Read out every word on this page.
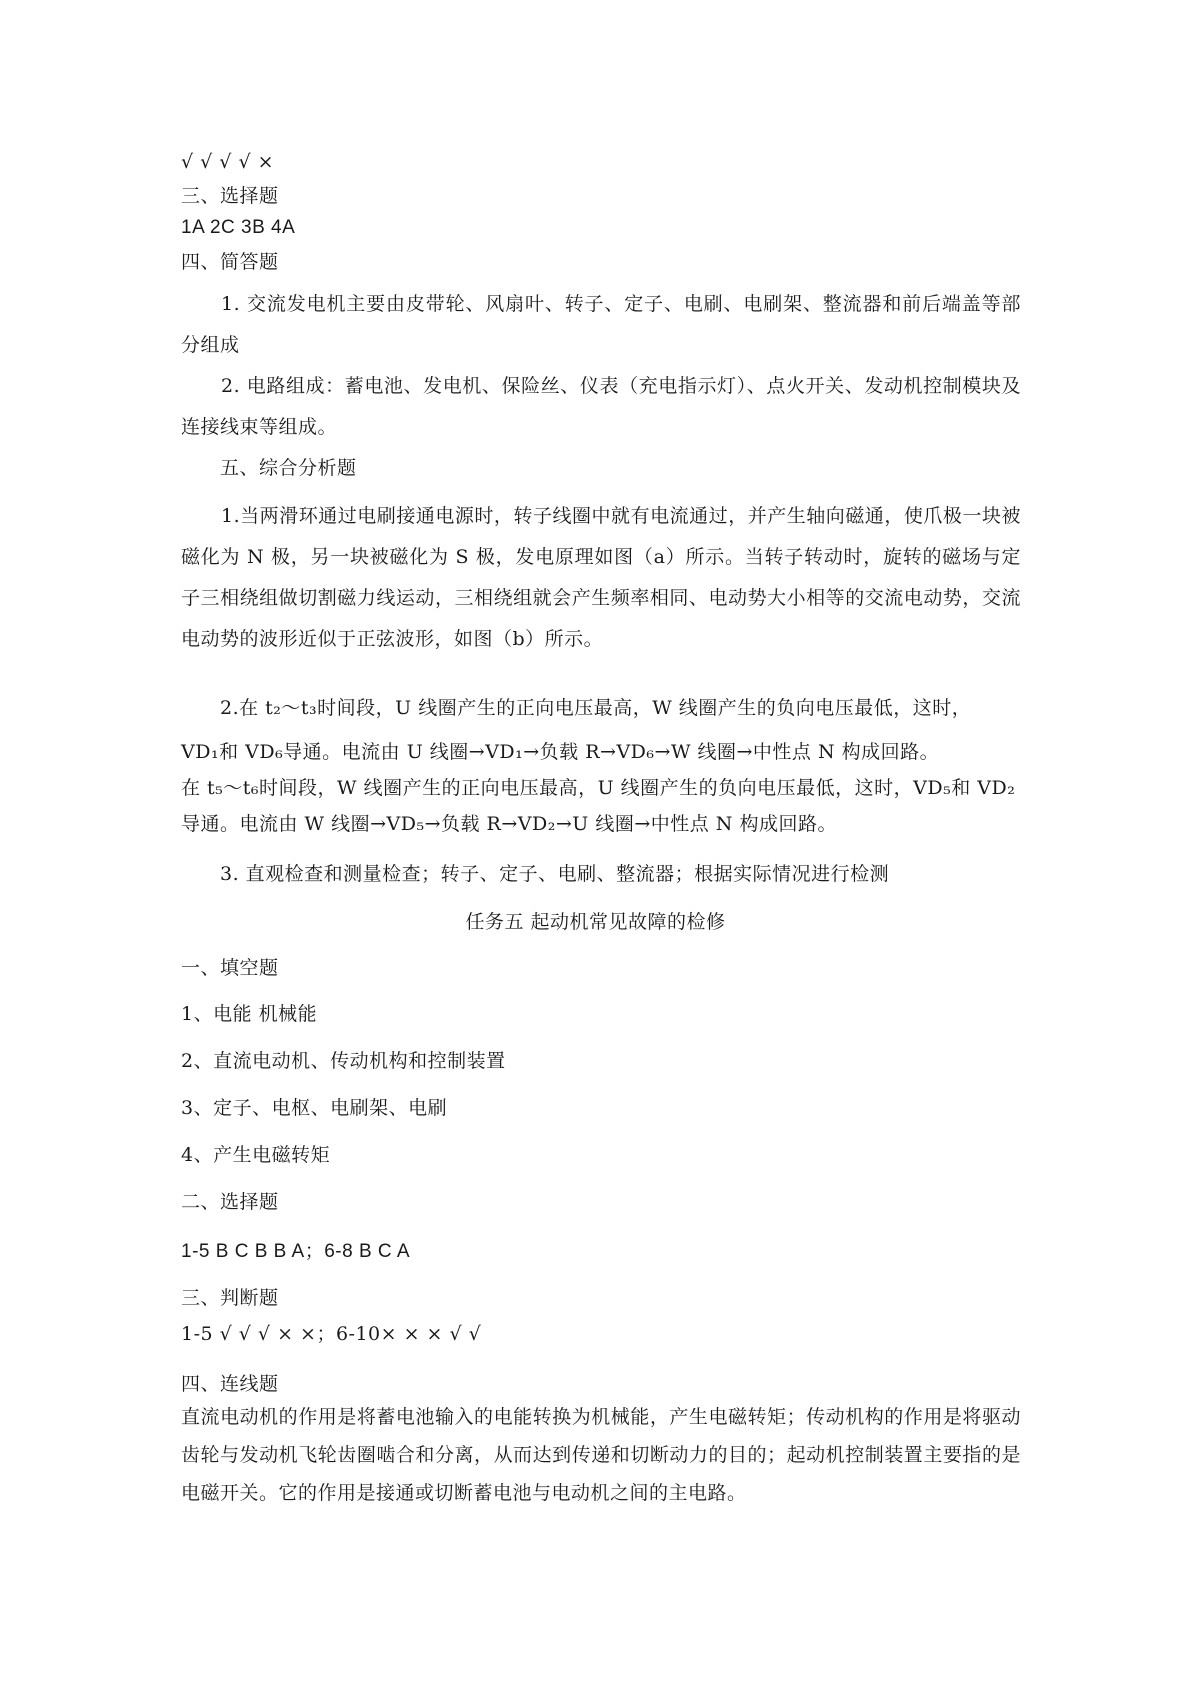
√ √ √ √ ×
三、选择题
1A 2C 3B 4A
四、简答题
1. 交流发电机主要由皮带轮、风扇叶、转子、定子、电刷、电刷架、整流器和前后端盖等部分组成
2. 电路组成：蓄电池、发电机、保险丝、仪表（充电指示灯）、点火开关、发动机控制模块及连接线束等组成。
五、综合分析题
1.当两滑环通过电刷接通电源时，转子线圈中就有电流通过，并产生轴向磁通，使爪极一块被磁化为 N 极，另一块被磁化为 S 极，发电原理如图（a）所示。当转子转动时，旋转的磁场与定子三相绕组做切割磁力线运动，三相绕组就会产生频率相同、电动势大小相等的交流电动势，交流电动势的波形近似于正弦波形，如图（b）所示。
2.在 t₂～t₃时间段，U 线圈产生的正向电压最高，W 线圈产生的负向电压最低，这时，
VD₁和 VD₆导通。电流由 U 线圈→VD₁→负载 R→VD₆→W 线圈→中性点 N 构成回路。
在 t₅～t₆时间段，W 线圈产生的正向电压最高，U 线圈产生的负向电压最低，这时，VD₅和 VD₂
导通。电流由 W 线圈→VD₅→负载 R→VD₂→U 线圈→中性点 N 构成回路。
3. 直观检查和测量检查；转子、定子、电刷、整流器；根据实际情况进行检测
任务五 起动机常见故障的检修
一、填空题
1、电能 机械能
2、直流电动机、传动机构和控制装置
3、定子、电枢、电刷架、电刷
4、产生电磁转矩
二、选择题
1-5 B C B B A；6-8 B C A
三、判断题
1-5 √ √ √ × ×；6-10× × × √ √
四、连线题
直流电动机的作用是将蓄电池输入的电能转换为机械能，产生电磁转矩；传动机构的作用是将驱动齿轮与发动机飞轮齿圈啮合和分离，从而达到传递和切断动力的目的；起动机控制装置主要指的是电磁开关。它的作用是接通或切断蓄电池与电动机之间的主电路。
